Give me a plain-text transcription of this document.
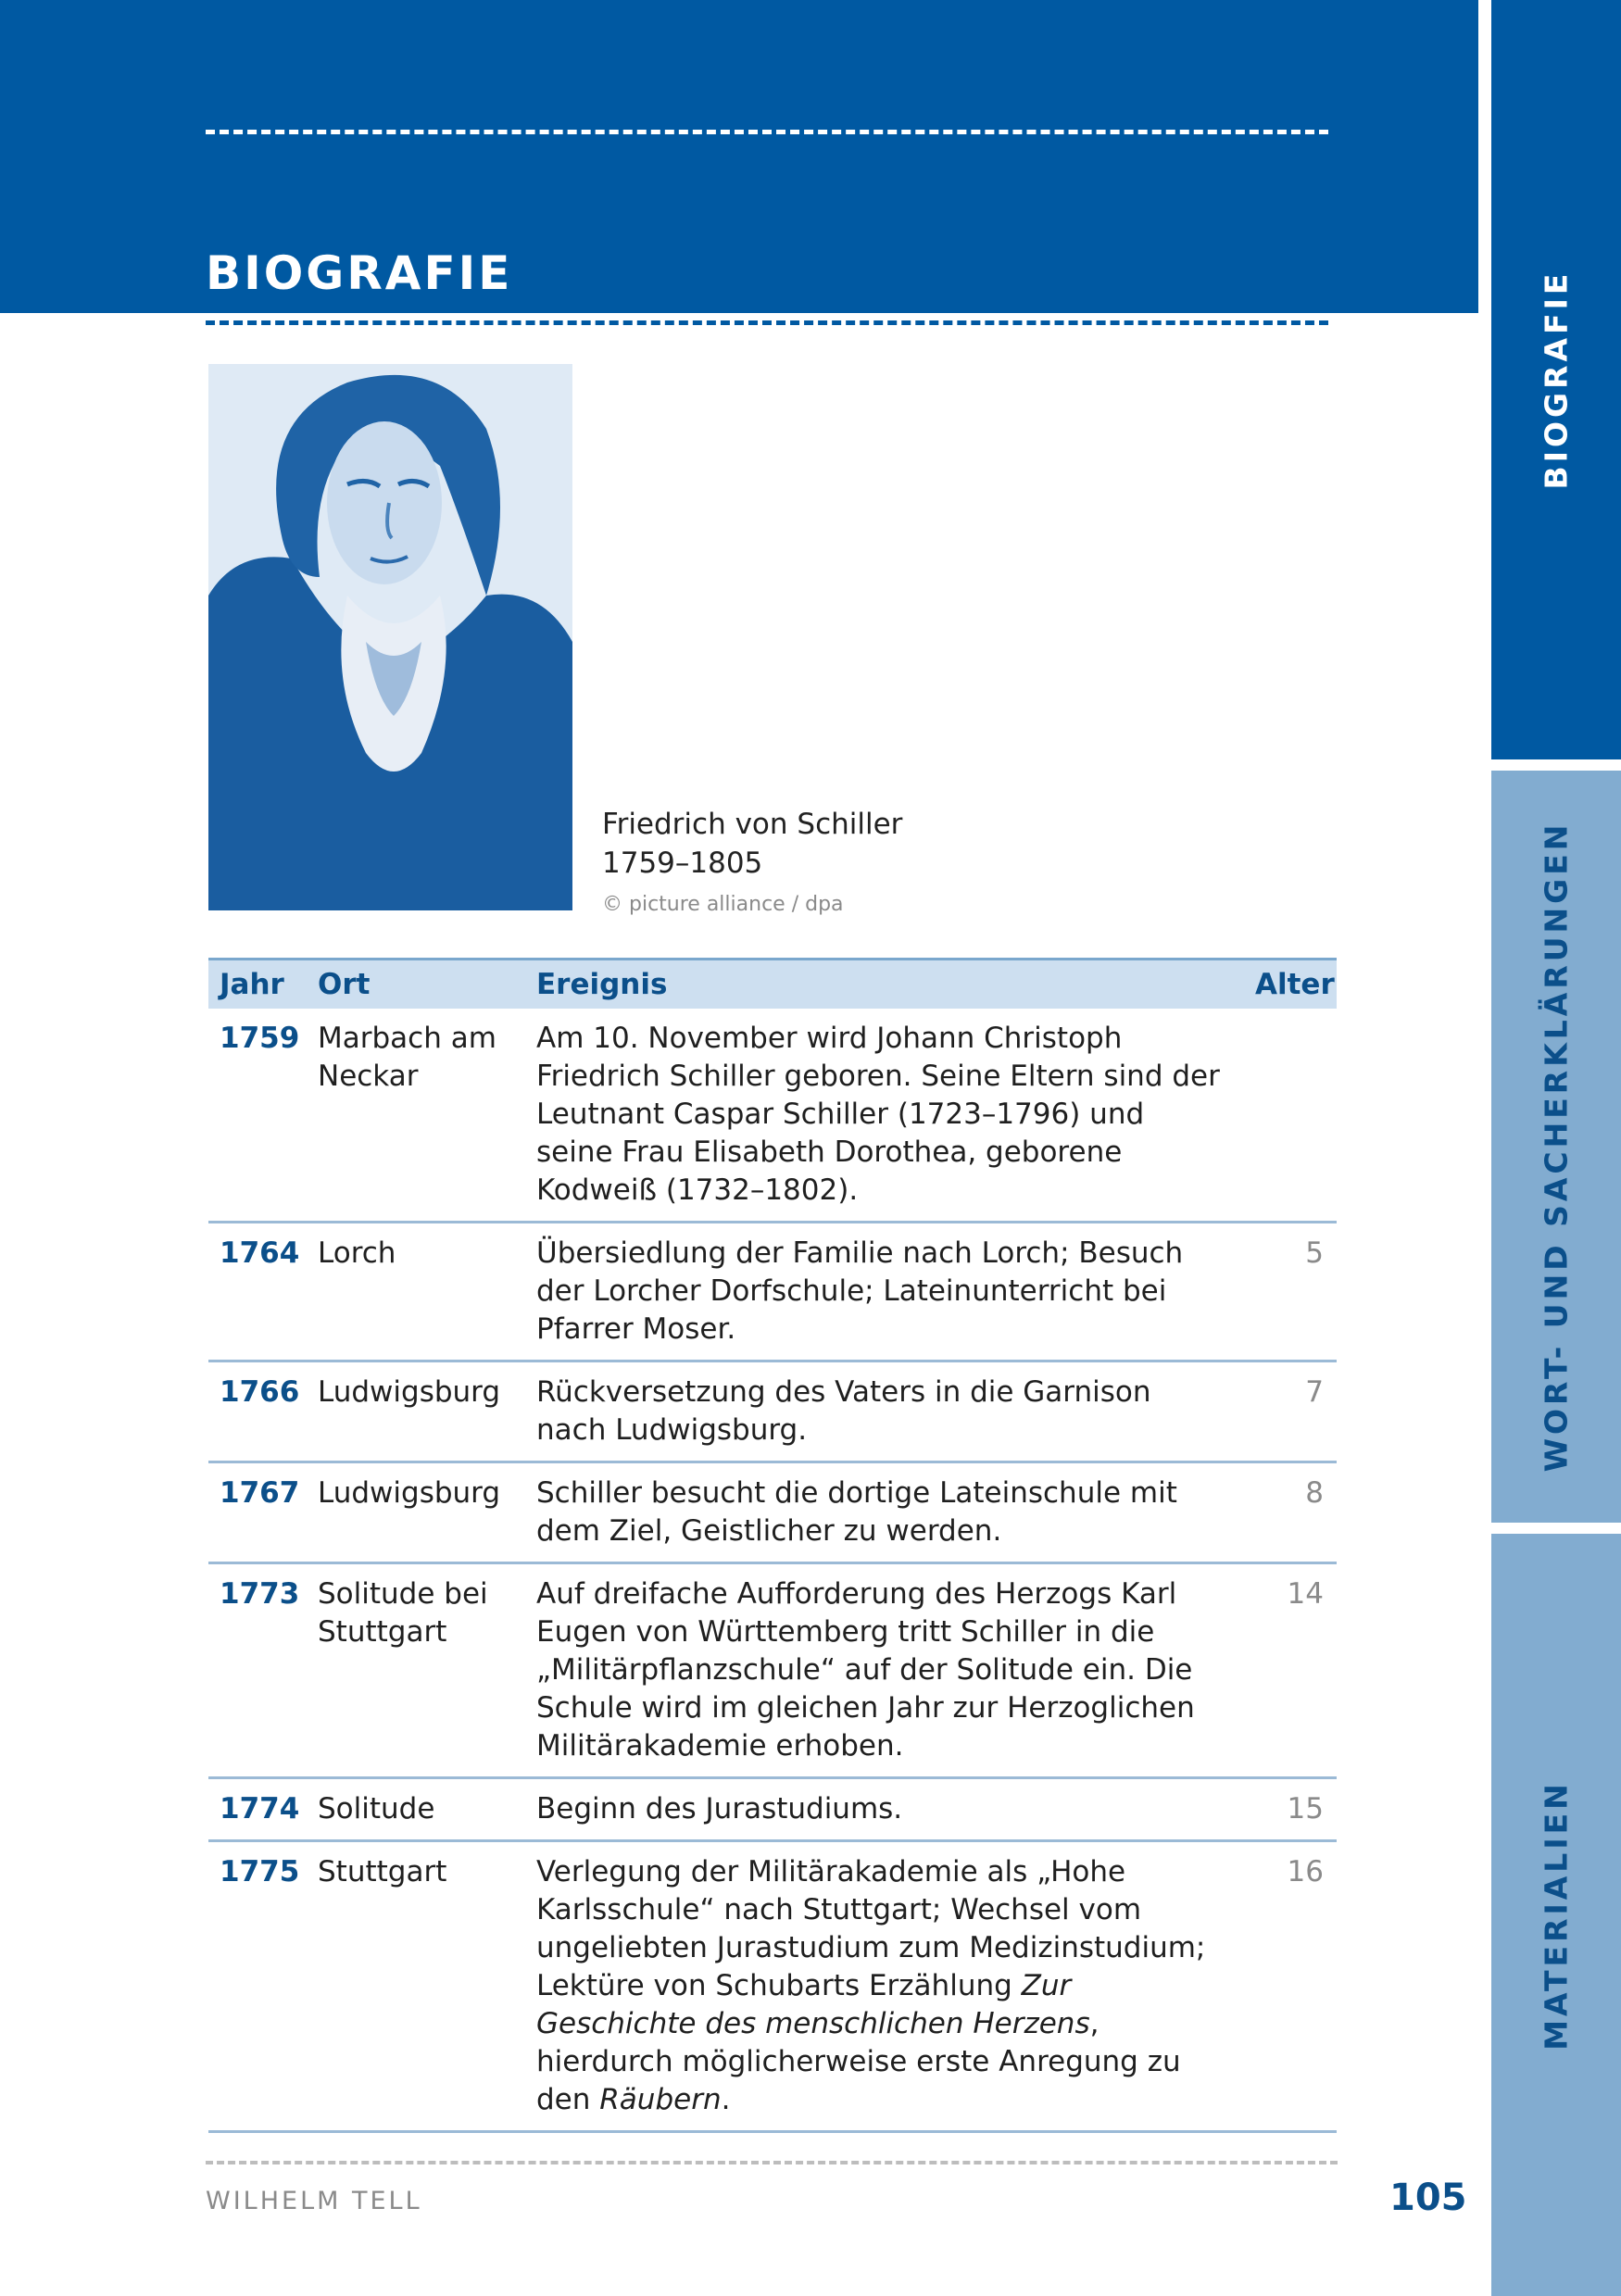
BIOGRAFIE	BIOGRAFIE
WORT- UND SACHERKLÄRUNGEN
MATERIALIEN
Friedrich von Schiller
1759–1805
© picture alliance / dpa
Jahr	Ort	Ereignis	Alter
1759	Marbach am Neckar	Am 10. November wird Johann Christoph Friedrich Schiller geboren. Seine Eltern sind der Leutnant Caspar Schiller (1723–1796) und seine Frau Elisabeth Dorothea, geborene Kodweiß (1732–1802).	
1764	Lorch	Übersiedlung der Familie nach Lorch; Besuch der Lorcher Dorfschule; Lateinunterricht bei Pfarrer Moser.	5
1766	Ludwigsburg	Rückversetzung des Vaters in die Garnison nach Ludwigsburg.	7
1767	Ludwigsburg	Schiller besucht die dortige Lateinschule mit dem Ziel, Geistlicher zu werden.	8
1773	Solitude bei Stuttgart	Auf dreifache Aufforderung des Herzogs Karl Eugen von Württemberg tritt Schiller in die „Militärpflanzschule“ auf der Solitude ein. Die Schule wird im gleichen Jahr zur Herzoglichen Militärakademie erhoben.	14
1774	Solitude	Beginn des Jurastudiums.	15
1775	Stuttgart	Verlegung der Militärakademie als „Hohe Karlsschule“ nach Stuttgart; Wechsel vom ungeliebten Jurastudium zum Medizinstudium; Lektüre von Schubarts Erzählung Zur Geschichte des menschlichen Herzens, hierdurch möglicherweise erste Anregung zu den Räubern.	16
WILHELM TELL	105
